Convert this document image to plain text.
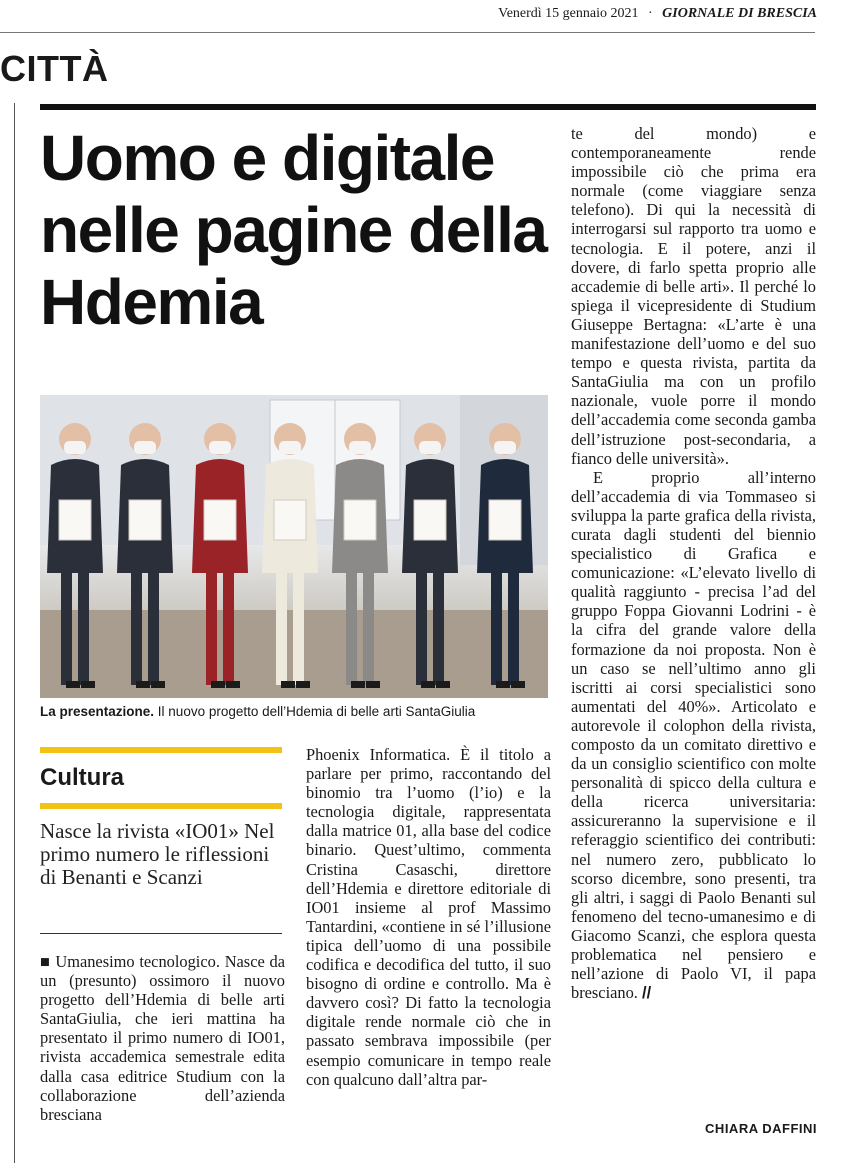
Venerdì 15 gennaio 2021 · GIORNALE DI BRESCIA
CITTÀ
Uomo e digitale nelle pagine della Hdemia
La presentazione. Il nuovo progetto dell’Hdemia di belle arti SantaGiulia
Cultura
Nasce la rivista «IO01» Nel primo numero le riflessioni di Benanti e Scanzi

■ Umanesimo tecnologico. Nasce da un (presunto) ossimoro il nuovo progetto dell’Hdemia di belle arti SantaGiulia, che ieri mattina ha presentato il primo numero di IO01, rivista accademica semestrale edita dalla casa editrice Studium con la collaborazione dell’azienda bresciana

Phoenix Informatica. È il titolo a parlare per primo, raccontando del binomio tra l’uomo (l’io) e la tecnologia digitale, rappresentata dalla matrice 01, alla base del codice binario. Quest’ultimo, commenta Cristina Casaschi, direttore dell’Hdemia e direttore editoriale di IO01 insieme al prof Massimo Tantardini, «contiene in sé l’illusione tipica dell’uomo di una possibile codifica e decodifica del tutto, il suo bisogno di ordine e controllo. Ma è davvero così? Di fatto la tecnologia digitale rende normale ciò che in passato sembrava impossibile (per esempio comunicare in tempo reale con qualcuno dall’altra par-

te del mondo) e contemporaneamente rende impossibile ciò che prima era normale (come viaggiare senza telefono). Di qui la necessità di interrogarsi sul rapporto tra uomo e tecnologia. E il potere, anzi il dovere, di farlo spetta proprio alle accademie di belle arti». Il perché lo spiega il vicepresidente di Studium Giuseppe Bertagna: «L’arte è una manifestazione dell’uomo e del suo tempo e questa rivista, partita da SantaGiulia ma con un profilo nazionale, vuole porre il mondo dell’accademia come seconda gamba dell’istruzione post-secondaria, a fianco delle università».

E proprio all’interno dell’accademia di via Tommaseo si sviluppa la parte grafica della rivista, curata dagli studenti del biennio specialistico di Grafica e comunicazione: «L’elevato livello di qualità raggiunto - precisa l’ad del gruppo Foppa Giovanni Lodrini - è la cifra del grande valore della formazione da noi proposta. Non è un caso se nell’ultimo anno gli iscritti ai corsi specialistici sono aumentati del 40%». Articolato e autorevole il colophon della rivista, composto da un comitato direttivo e da un consiglio scientifico con molte personalità di spicco della cultura e della ricerca universitaria: assicureranno la supervisione e il referaggio scientifico dei contributi: nel numero zero, pubblicato lo scorso dicembre, sono presenti, tra gli altri, i saggi di Paolo Benanti sul fenomeno del tecno-umanesimo e di Giacomo Scanzi, che esplora questa problematica nel pensiero e nell’azione di Paolo VI, il papa bresciano. //

CHIARA DAFFINI
